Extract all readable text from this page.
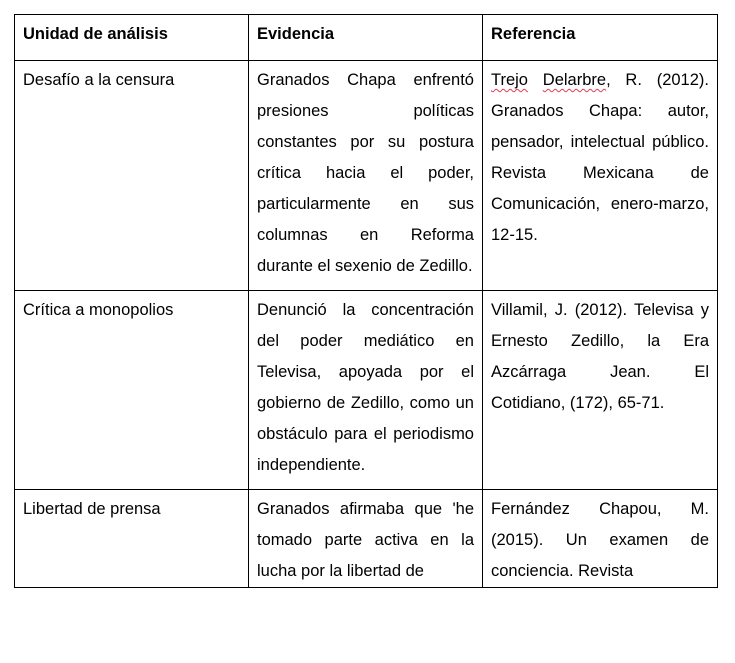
Unidad de análisis	Evidencia	Referencia
Desafío a la censura	Granados Chapa enfrentó presiones políticas constantes por su postura crítica hacia el poder, particularmente en sus columnas en Reforma durante el sexenio de Zedillo.	Trejo Delarbre, R. (2012). Granados Chapa: autor, pensador, intelectual público. Revista Mexicana de Comunicación, enero-marzo, 12-15.
Crítica a monopolios	Denunció la concentración del poder mediático en Televisa, apoyada por el gobierno de Zedillo, como un obstáculo para el periodismo independiente.	Villamil, J. (2012). Televisa y Ernesto Zedillo, la Era Azcárraga Jean. El Cotidiano, (172), 65-71.
Libertad de prensa	Granados afirmaba que 'he tomado parte activa en la lucha por la libertad de	Fernández Chapou, M. (2015). Un examen de conciencia. Revista
